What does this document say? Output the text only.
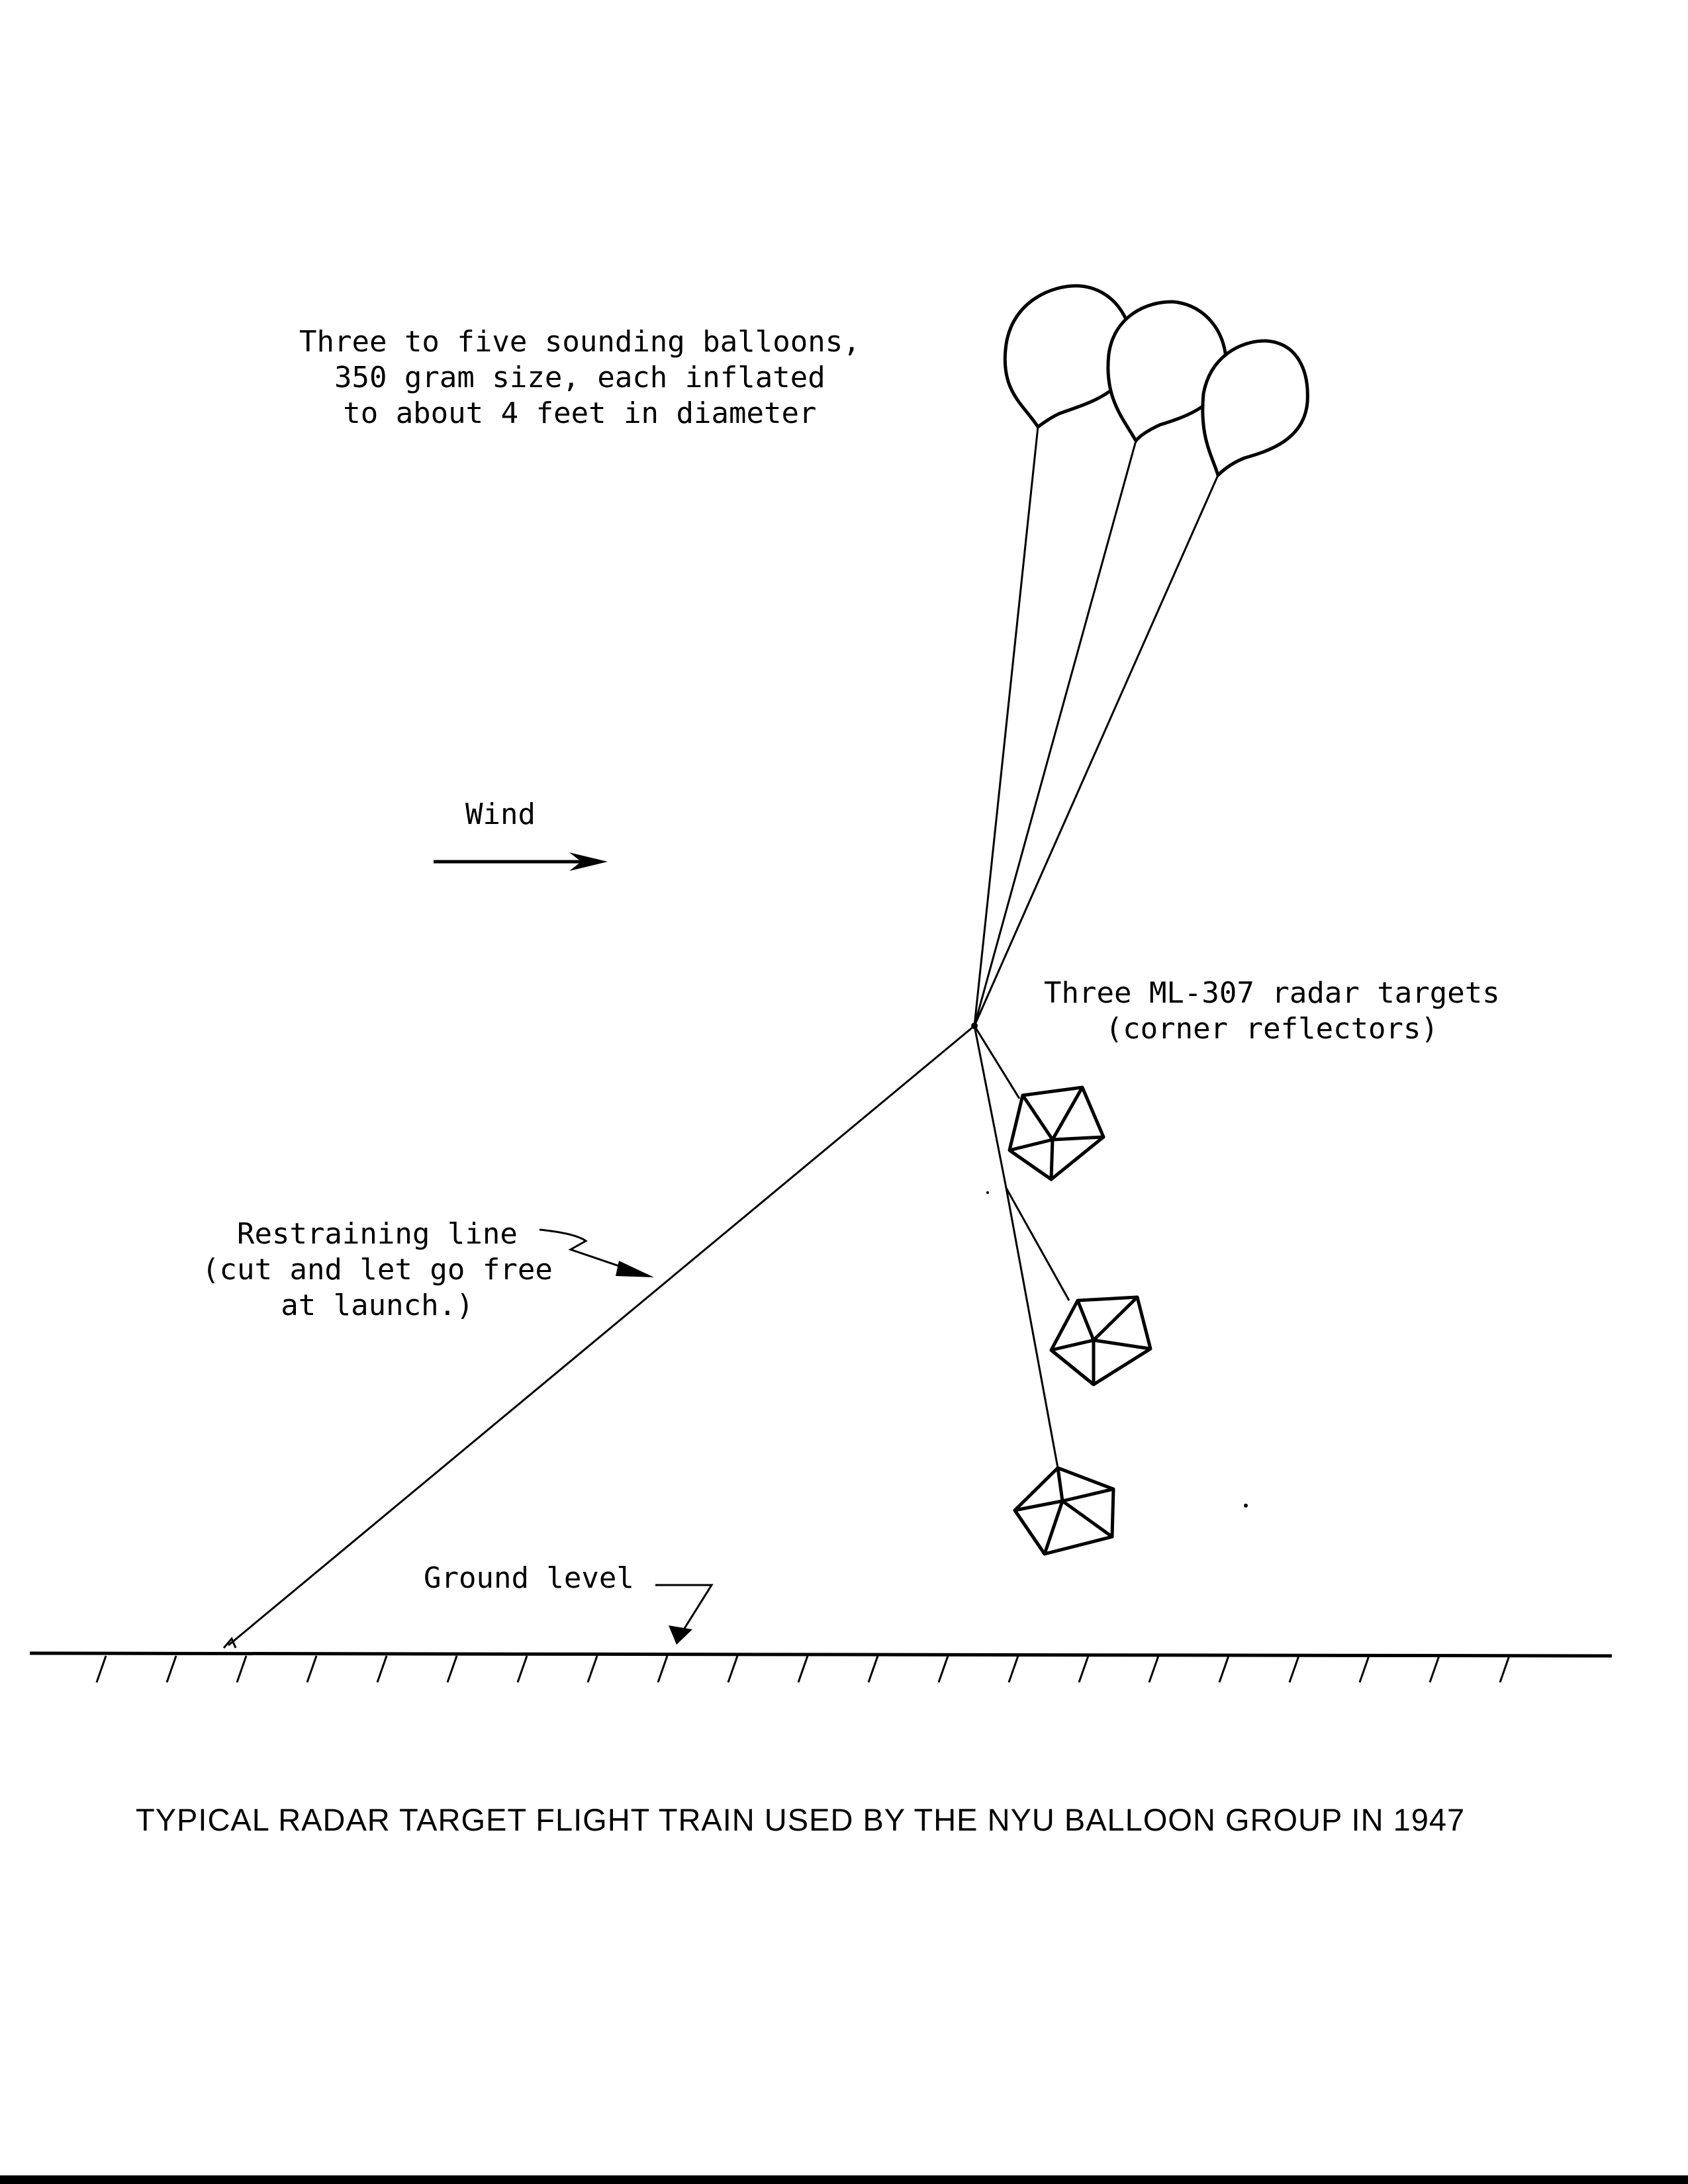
Three to five sounding balloons,
350 gram size, each inflated
to about 4 feet in diameter
Wind
Three ML-307 radar targets
(corner reflectors)
Restraining line
(cut and let go free
at launch.)
Ground level
TYPICAL RADAR TARGET FLIGHT TRAIN USED BY THE NYU BALLOON GROUP IN 1947
